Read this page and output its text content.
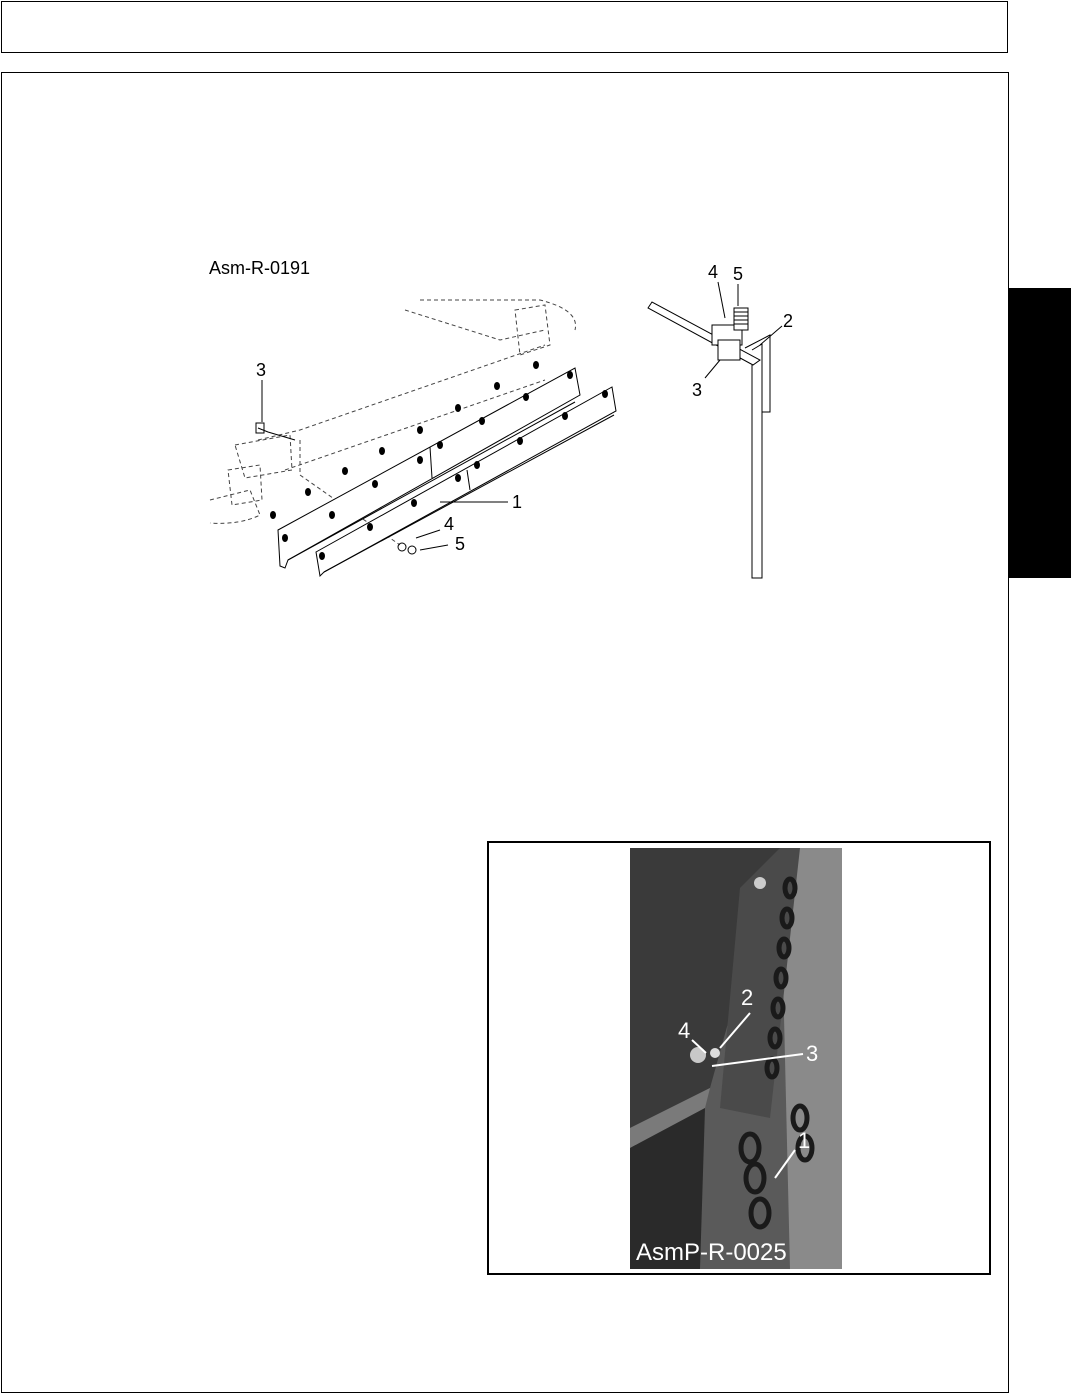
Asm-R-0191
3
1
4
5
4 5
2
3
2
4
3
1
AsmP-R-0025
